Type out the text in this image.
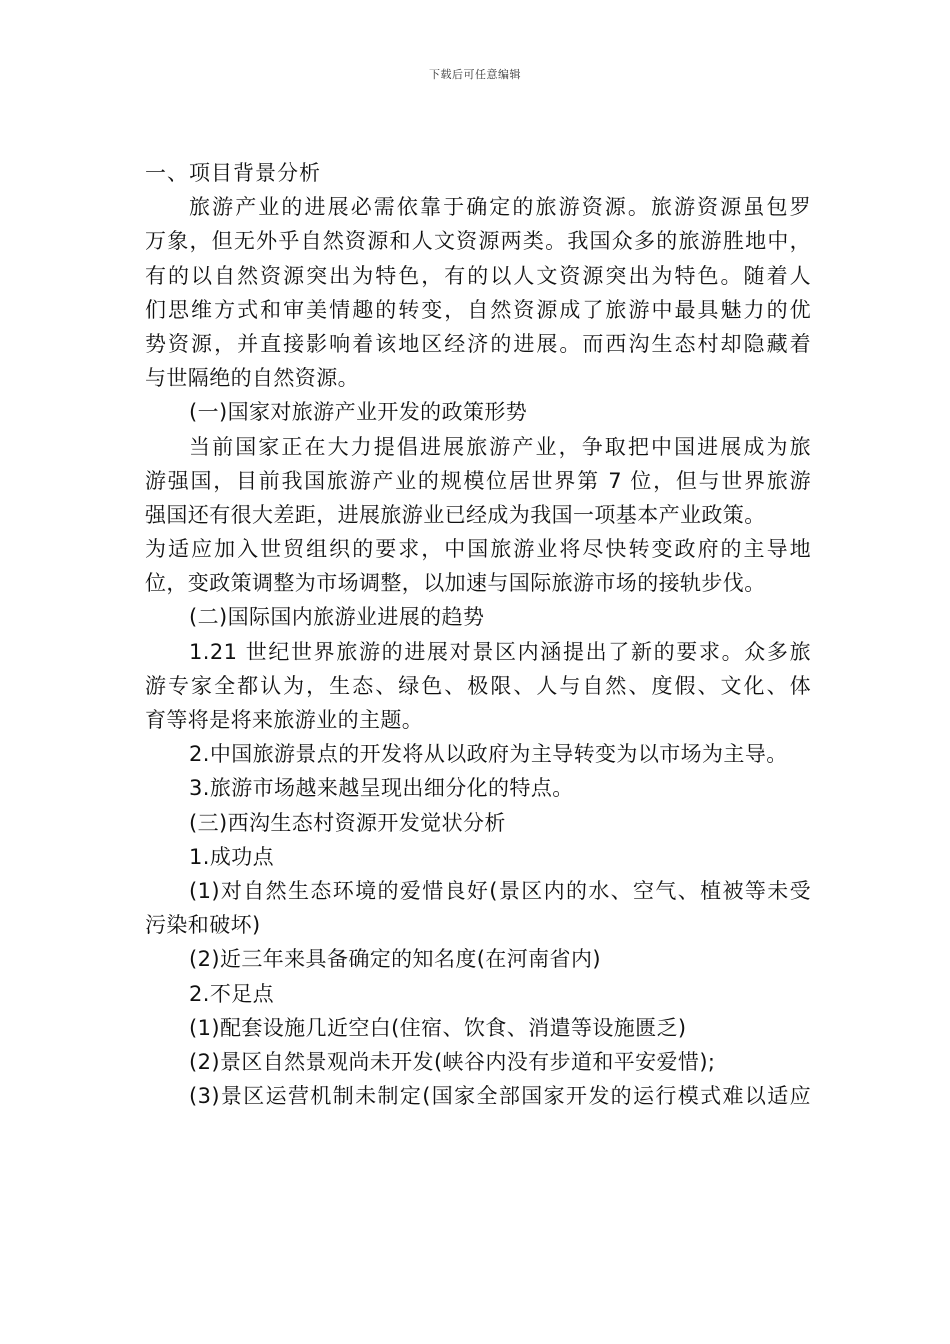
下载后可任意编辑
一、项目背景分析
旅游产业的进展必需依靠于确定的旅游资源。旅游资源虽包罗
万象，但无外乎自然资源和人文资源两类。我国众多的旅游胜地中，
有的以自然资源突出为特色，有的以人文资源突出为特色。随着人
们思维方式和审美情趣的转变，自然资源成了旅游中最具魅力的优
势资源，并直接影响着该地区经济的进展。而西沟生态村却隐藏着
与世隔绝的自然资源。
(一)国家对旅游产业开发的政策形势
当前国家正在大力提倡进展旅游产业，争取把中国进展成为旅
游强国，目前我国旅游产业的规模位居世界第 7 位，但与世界旅游
强国还有很大差距，进展旅游业已经成为我国一项基本产业政策。
为适应加入世贸组织的要求，中国旅游业将尽快转变政府的主导地
位，变政策调整为市场调整，以加速与国际旅游市场的接轨步伐。
(二)国际国内旅游业进展的趋势
1.21 世纪世界旅游的进展对景区内涵提出了新的要求。众多旅
游专家全都认为，生态、绿色、极限、人与自然、度假、文化、体
育等将是将来旅游业的主题。
2.中国旅游景点的开发将从以政府为主导转变为以市场为主导。
3.旅游市场越来越呈现出细分化的特点。
(三)西沟生态村资源开发觉状分析
1.成功点
(1)对自然生态环境的爱惜良好(景区内的水、空气、植被等未受
污染和破坏)
(2)近三年来具备确定的知名度(在河南省内)
2.不足点
(1)配套设施几近空白(住宿、饮食、消遣等设施匮乏)
(2)景区自然景观尚未开发(峡谷内没有步道和平安爱惜);
(3)景区运营机制未制定(国家全部国家开发的运行模式难以适应
